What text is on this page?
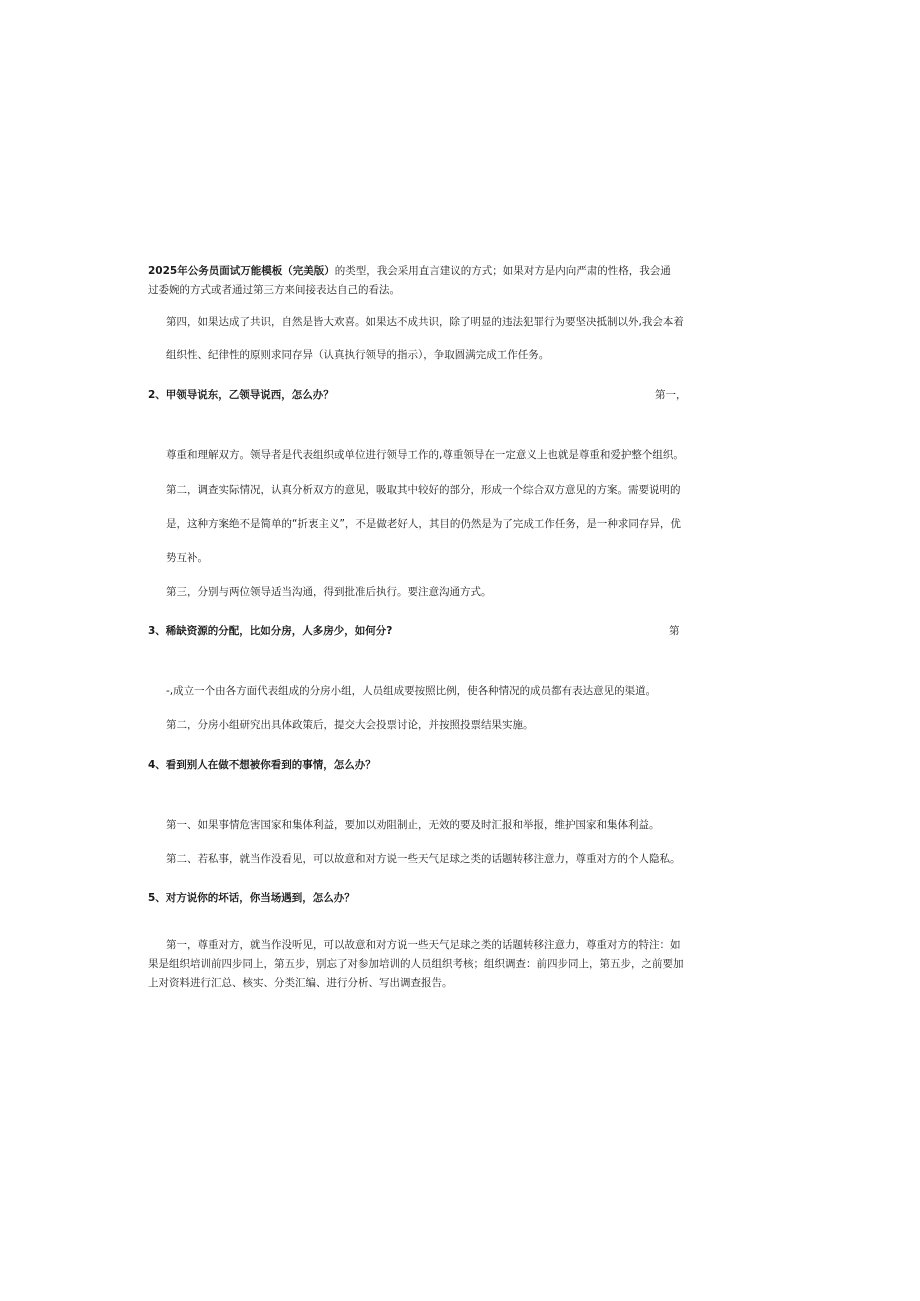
2025年公务员面试万能模板（完美版）的类型，我会采用直言建议的方式；如果对方是内向严肃的性格，我会通
过委婉的方式或者通过第三方来间接表达自己的看法。
第四，如果达成了共识，自然是皆大欢喜。如果达不成共识，除了明显的违法犯罪行为要坚决抵制以外,我会本着
组织性、纪律性的原则求同存异（认真执行领导的指示），争取圆满完成工作任务。
2、甲领导说东，乙领导说西，怎么办？	第一，
尊重和理解双方。领导者是代表组织或单位进行领导工作的,尊重领导在一定意义上也就是尊重和爱护整个组织。
第二，调查实际情况，认真分析双方的意见，吸取其中较好的部分，形成一个综合双方意见的方案。需要说明的
是，这种方案绝不是简单的“折衷主义”，不是做老好人，其目的仍然是为了完成工作任务，是一种求同存异，优
势互补。
第三，分别与两位领导适当沟通，得到批准后执行。要注意沟通方式。
3、稀缺资源的分配，比如分房，人多房少，如何分?	第
-,成立一个由各方面代表组成的分房小组，人员组成要按照比例，使各种情况的成员都有表达意见的渠道。
第二，分房小组研究出具体政策后，提交大会投票讨论，并按照投票结果实施。
4、看到别人在做不想被你看到的事情，怎么办？
第一、如果事情危害国家和集体利益，要加以劝阻制止，无效的要及时汇报和举报，维护国家和集体利益。
第二、若私事，就当作没看见，可以故意和对方说一些天气足球之类的话题转移注意力，尊重对方的个人隐私。
5、对方说你的坏话，你当场遇到，怎么办？
第一，尊重对方，就当作没听见，可以故意和对方说一些天气足球之类的话题转移注意力，尊重对方的特注：如
果是组织培训前四步同上，第五步，别忘了对参加培训的人员组织考核；组织调查：前四步同上，第五步，之前要加
上对资料进行汇总、核实、分类汇编、进行分析、写出调查报告。
